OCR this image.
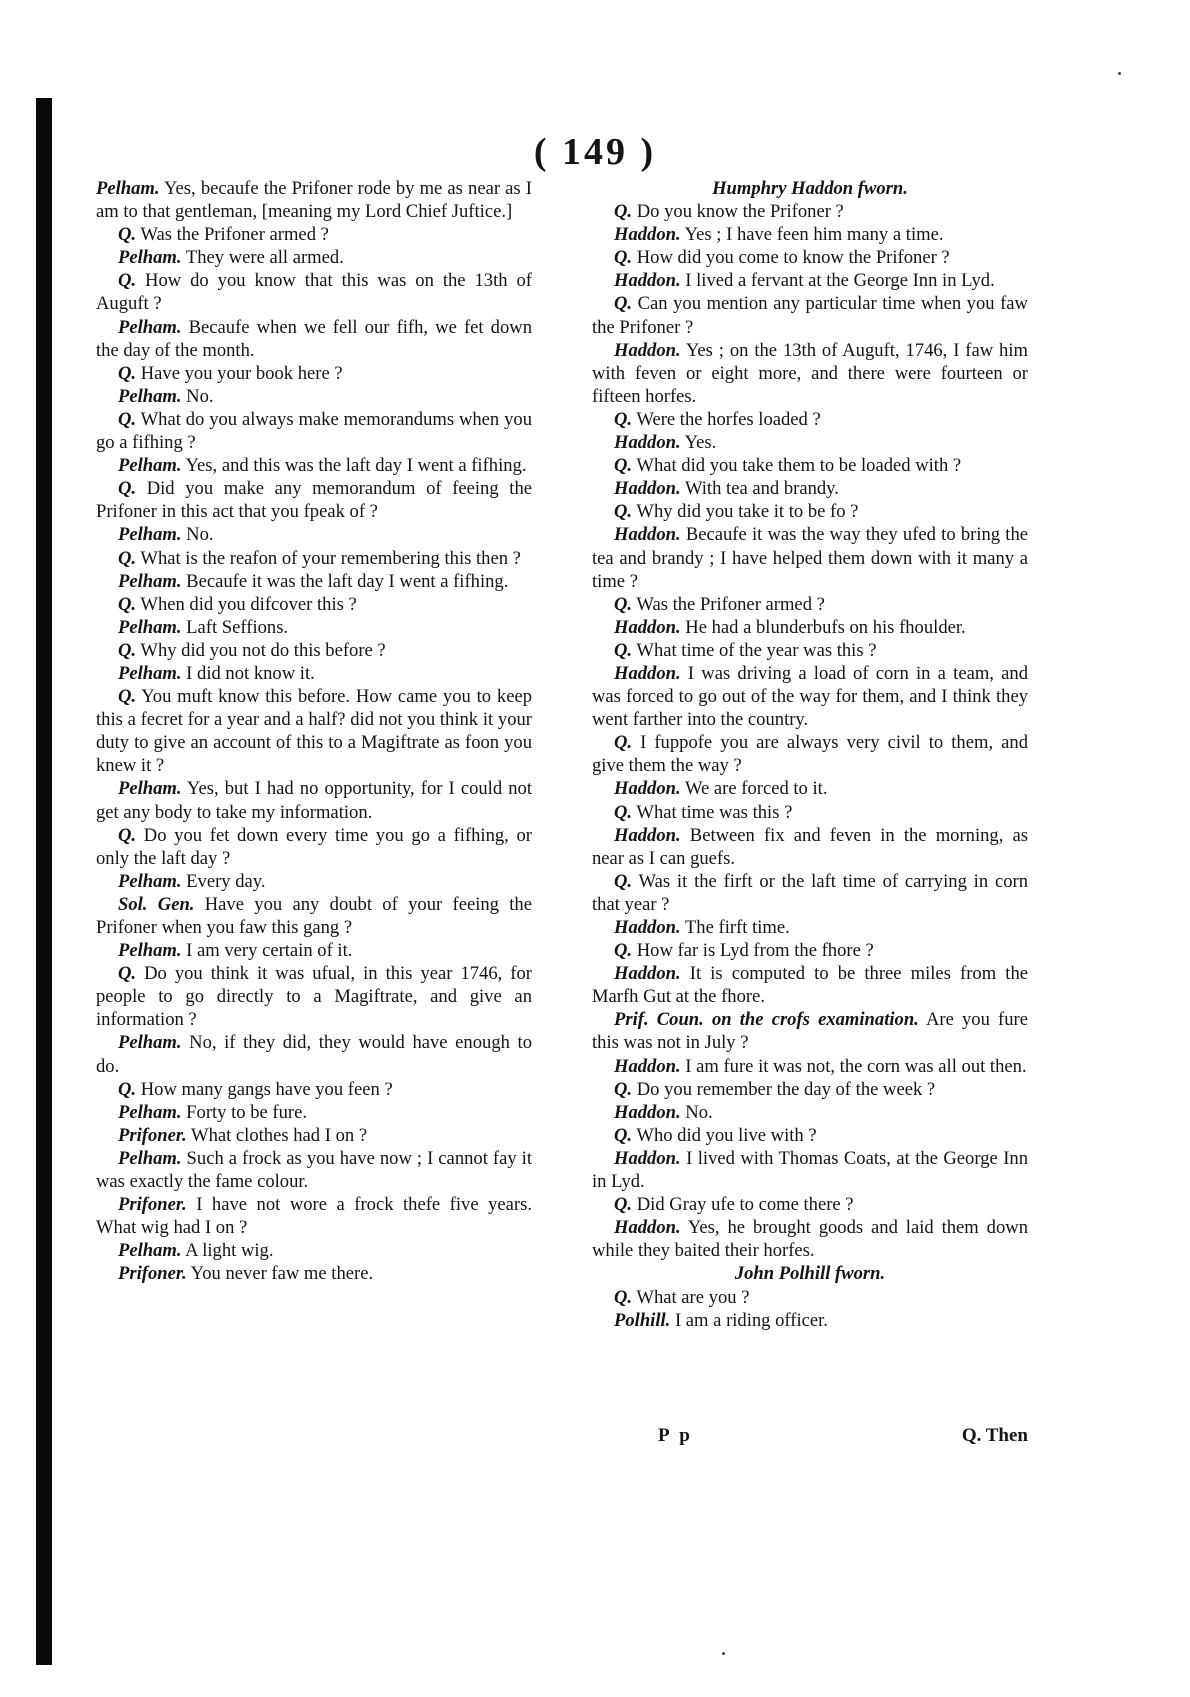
( 149 )

Pelham. Yes, becaufe the Prifoner rode by me as near as I am to that gentleman, [meaning my Lord Chief Juftice.]

Q. Was the Prifoner armed ?

Pelham. They were all armed.

Q. How do you know that this was on the 13th of Auguft ?

Pelham. Becaufe when we fell our fifh, we fet down the day of the month.

Q. Have you your book here ?

Pelham. No.

Q. What do you always make memorandums when you go a fifhing ?

Pelham. Yes, and this was the laft day I went a fifhing.

Q. Did you make any memorandum of feeing the Prifoner in this act that you fpeak of ?

Pelham. No.

Q. What is the reafon of your remembering this then ?

Pelham. Becaufe it was the laft day I went a fifhing.

Q. When did you difcover this ?

Pelham. Laft Seffions.

Q. Why did you not do this before ?

Pelham. I did not know it.

Q. You muft know this before. How came you to keep this a fecret for a year and a half? did not you think it your duty to give an account of this to a Magiftrate as foon you knew it ?

Pelham. Yes, but I had no opportunity, for I could not get any body to take my information.

Q. Do you fet down every time you go a fifhing, or only the laft day ?

Pelham. Every day.

Sol. Gen. Have you any doubt of your feeing the Prifoner when you faw this gang ?

Pelham. I am very certain of it.

Q. Do you think it was ufual, in this year 1746, for people to go directly to a Magiftrate, and give an information ?

Pelham. No, if they did, they would have enough to do.

Q. How many gangs have you feen ?

Pelham. Forty to be fure.

Prifoner. What clothes had I on ?

Pelham. Such a frock as you have now ; I cannot fay it was exactly the fame colour.

Prifoner. I have not wore a frock thefe five years. What wig had I on ?

Pelham. A light wig.

Prifoner. You never faw me there.

Humphry Haddon fworn.

Q. Do you know the Prifoner ?

Haddon. Yes ; I have feen him many a time.

Q. How did you come to know the Prifoner ?

Haddon. I lived a fervant at the George Inn in Lyd.

Q. Can you mention any particular time when you faw the Prifoner ?

Haddon. Yes ; on the 13th of Auguft, 1746, I faw him with feven or eight more, and there were fourteen or fifteen horfes.

Q. Were the horfes loaded ?

Haddon. Yes.

Q. What did you take them to be loaded with ?

Haddon. With tea and brandy.

Q. Why did you take it to be fo ?

Haddon. Becaufe it was the way they ufed to bring the tea and brandy ; I have helped them down with it many a time ?

Q. Was the Prifoner armed ?

Haddon. He had a blunderbufs on his fhoulder.

Q. What time of the year was this ?

Haddon. I was driving a load of corn in a team, and was forced to go out of the way for them, and I think they went farther into the country.

Q. I fuppofe you are always very civil to them, and give them the way ?

Haddon. We are forced to it.

Q. What time was this ?

Haddon. Between fix and feven in the morning, as near as I can guefs.

Q. Was it the firft or the laft time of carrying in corn that year ?

Haddon. The firft time.

Q. How far is Lyd from the fhore ?

Haddon. It is computed to be three miles from the Marfh Gut at the fhore.

Prif. Coun. on the crofs examination. Are you fure this was not in July ?

Haddon. I am fure it was not, the corn was all out then.

Q. Do you remember the day of the week ?

Haddon. No.

Q. Who did you live with ?

Haddon. I lived with Thomas Coats, at the George Inn in Lyd.

Q. Did Gray ufe to come there ?

Haddon. Yes, he brought goods and laid them down while they baited their horfes.

John Polhill fworn.

Q. What are you ?

Polhill. I am a riding officer.

P p	Q. Then
